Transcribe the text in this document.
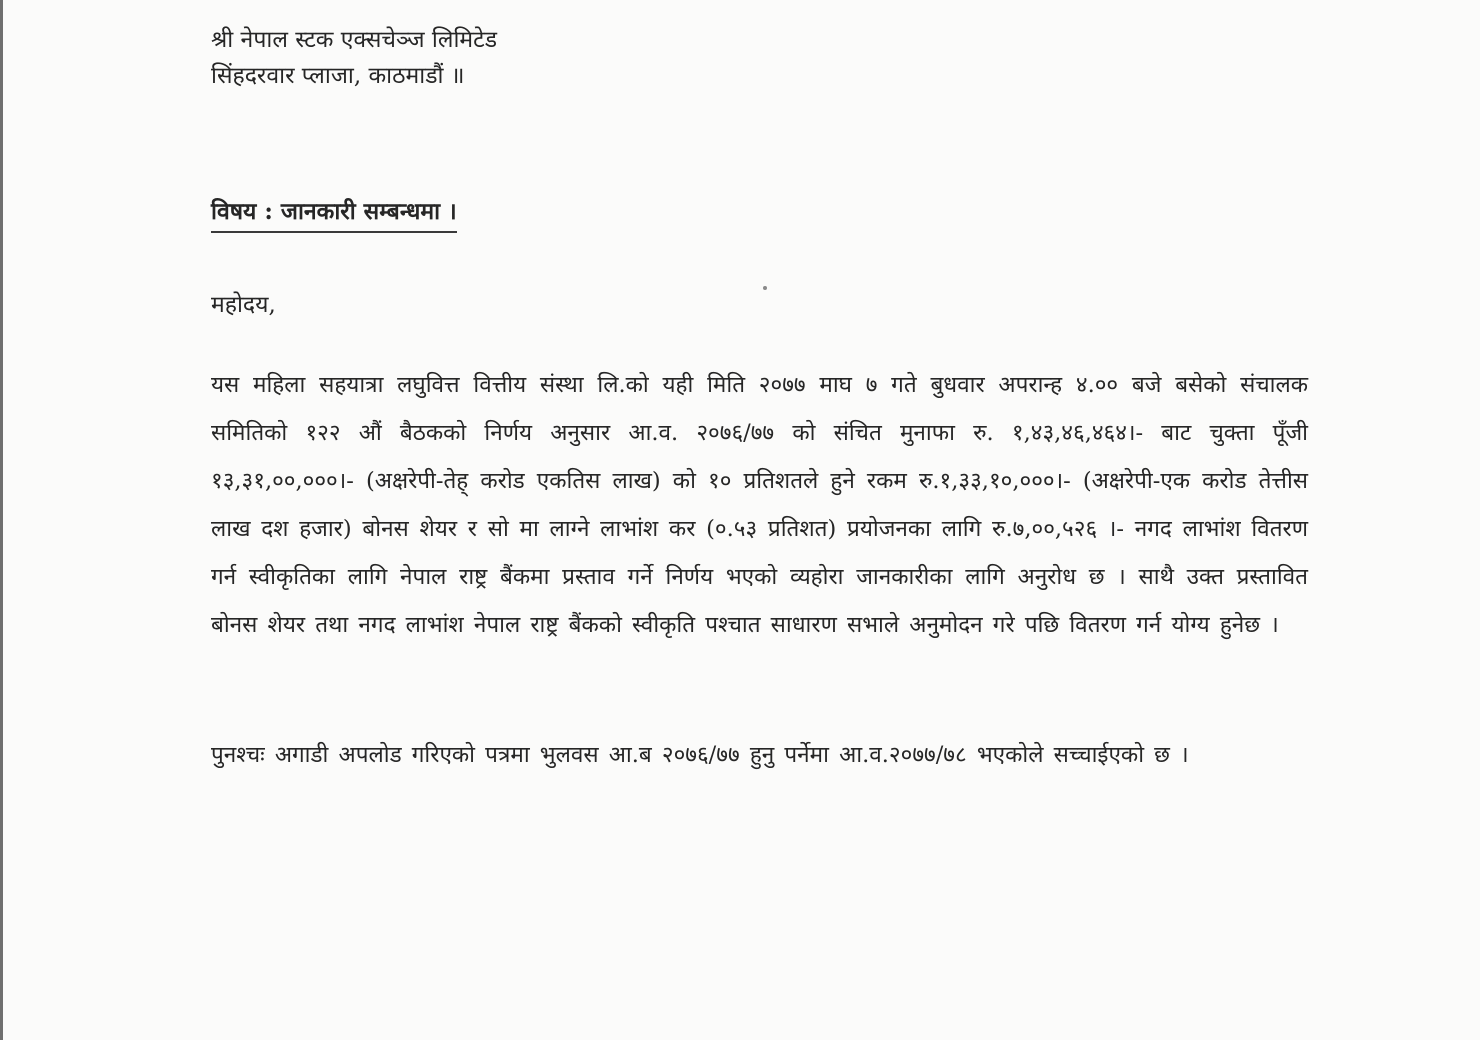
श्री नेपाल स्टक एक्सचेञ्ज लिमिटेड
सिंहदरवार प्लाजा, काठमाडौं ॥
विषय : जानकारी सम्बन्धमा ।
महोदय,
यस महिला सहयात्रा लघुवित्त वित्तीय संस्था लि.को यही मिति २०७७ माघ ७ गते बुधवार अपरान्ह ४.०० बजे बसेको संचालक समितिको १२२ औं बैठकको निर्णय अनुसार आ.व. २०७६/७७ को संचित मुनाफा रु. १,४३,४६,४६४।- बाट चुक्ता पूँजी १३,३१,००,०००।- (अक्षरेपी-तेह् करोड एकतिस लाख) को १० प्रतिशतले हुने रकम रु.१,३३,१०,०००।- (अक्षरेपी-एक करोड तेत्तीस लाख दश हजार) बोनस शेयर र सो मा लाग्ने लाभांश कर (०.५३ प्रतिशत) प्रयोजनका लागि रु.७,००,५२६ ।- नगद लाभांश वितरण गर्न स्वीकृतिका लागि नेपाल राष्ट्र बैंकमा प्रस्ताव गर्ने निर्णय भएको व्यहोरा जानकारीका लागि अनुरोध छ । साथै उक्त प्रस्तावित बोनस शेयर तथा नगद लाभांश नेपाल राष्ट्र बैंकको स्वीकृति पश्चात साधारण सभाले अनुमोदन गरे पछि वितरण गर्न योग्य हुनेछ ।
पुनश्चः अगाडी अपलोड गरिएको पत्रमा भुलवस आ.ब २०७६/७७ हुनु पर्नेमा आ.व.२०७७/७८ भएकोले सच्चाईएको छ ।
